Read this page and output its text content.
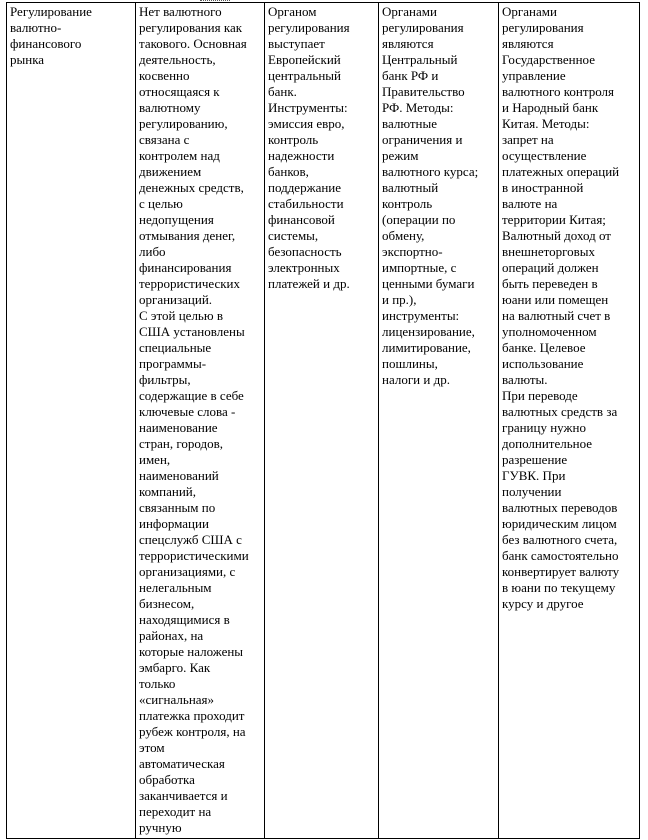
Регулирование
валютно-
финансового
рынка

Нет валютного
регулирования как
такового. Основная
деятельность,
косвенно
относящаяся к
валютному
регулированию,
связана с
контролем над
движением
денежных средств,
с целью
недопущения
отмывания денег,
либо
финансирования
террористических
организаций.
С этой целью в
США установлены
специальные
программы-
фильтры,
содержащие в себе
ключевые слова -
наименование
стран, городов,
имен,
наименований
компаний,
связанным по
информации
спецслужб США с
террористическими
организациями, с
нелегальным
бизнесом,
находящимися в
районах, на
которые наложены
эмбарго. Как
только
«сигнальная»
платежка проходит
рубеж контроля, на
этом
автоматическая
обработка
заканчивается и
переходит на
ручную

Органом
регулирования
выступает
Европейский
центральный
банк.
Инструменты:
эмиссия евро,
контроль
надежности
банков,
поддержание
стабильности
финансовой
системы,
безопасность
электронных
платежей и др.

Органами
регулирования
являются
Центральный
банк РФ и
Правительство
РФ. Методы:
валютные
ограничения и
режим
валютного курса;
валютный
контроль
(операции по
обмену,
экспортно-
импортные, с
ценными бумаги
и пр.),
инструменты:
лицензирование,
лимитирование,
пошлины,
налоги и др.

Органами
регулирования
являются
Государственное
управление
валютного контроля
и Народный банк
Китая. Методы:
запрет на
осуществление
платежных операций
в иностранной
валюте на
территории Китая;
Валютный доход от
внешнеторговых
операций должен
быть переведен в
юани или помещен
на валютный счет в
уполномоченном
банке. Целевое
использование
валюты.
При переводе
валютных средств за
границу нужно
дополнительное
разрешение
ГУВК. При
получении
валютных переводов
юридическим лицом
без валютного счета,
банк самостоятельно
конвертирует валюту
в юани по текущему
курсу и другое
